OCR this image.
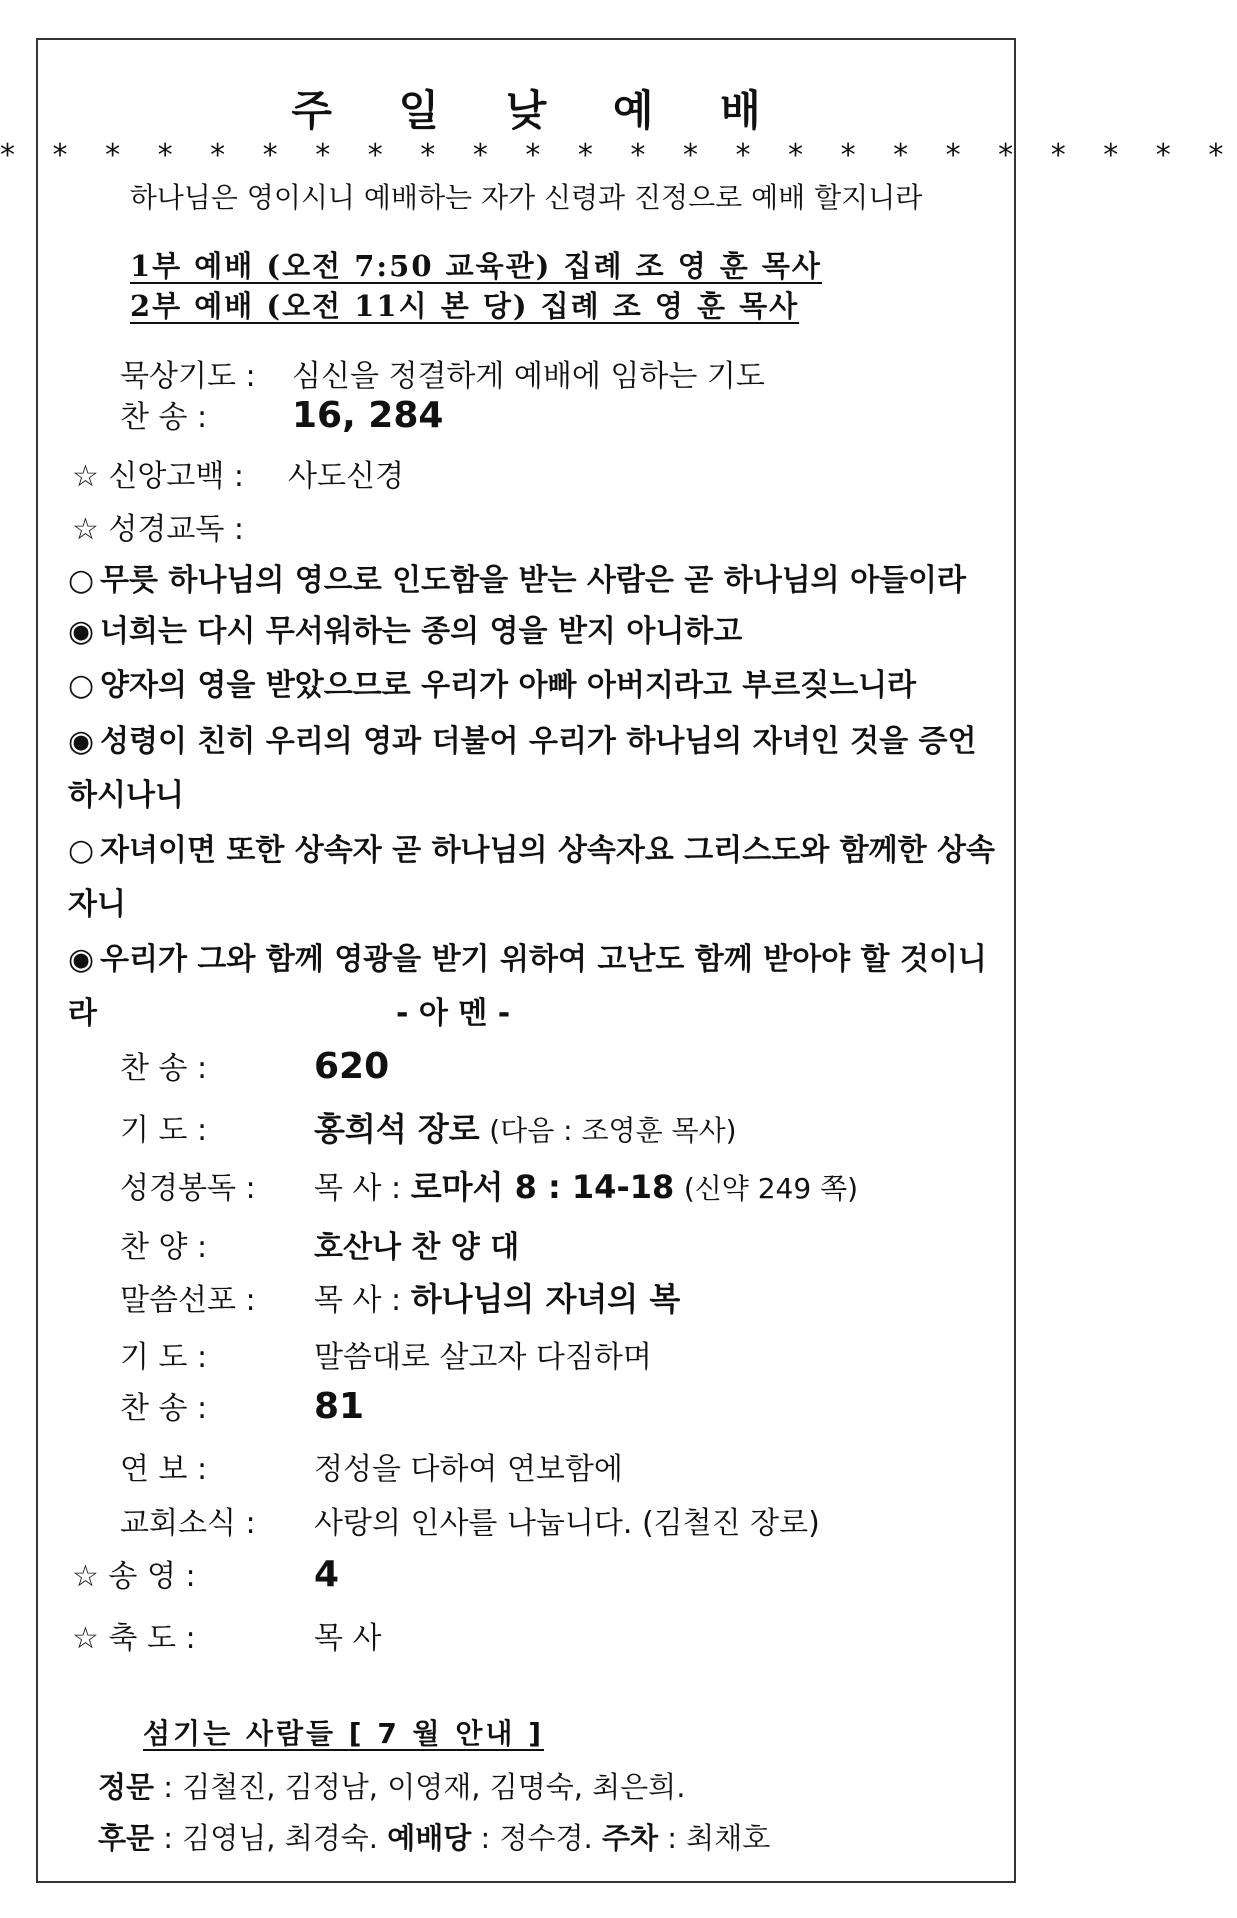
주 일 낮 예 배
* * * * * * * * * * * * * * * * * * * * * * * *
하나님은 영이시니 예배하는 자가 신령과 진정으로 예배 할지니라
1부 예배 (오전 7:50 교육관) 집례 조 영 훈 목사
2부 예배 (오전 11시 본 당) 집례 조 영 훈 목사
묵상기도 : 심신을 정결하게 예배에 임하는 기도
찬 송 : 16, 284
☆ 신앙고백 : 사도신경
☆ 성경교독 :
○ 무릇 하나님의 영으로 인도함을 받는 사람은 곧 하나님의 아들이라
◉ 너희는 다시 무서워하는 종의 영을 받지 아니하고
○ 양자의 영을 받았으므로 우리가 아빠 아버지라고 부르짖느니라
◉ 성령이 친히 우리의 영과 더불어 우리가 하나님의 자녀인 것을 증언
하시나니
○ 자녀이면 또한 상속자 곧 하나님의 상속자요 그리스도와 함께한 상속
자니
◉ 우리가 그와 함께 영광을 받기 위하여 고난도 함께 받아야 할 것이니
라	- 아 멘 -
찬 송 :	620
기 도 :	홍희석 장로 (다음 : 조영훈 목사)
성경봉독 : 목 사 : 로마서 8 : 14-18 (신약 249 쪽)
찬 양 :	호산나 찬 양 대
말씀선포 : 목 사 : 하나님의 자녀의 복
기 도 :	말씀대로 살고자 다짐하며
찬 송 :	81
연 보 :	정성을 다하여 연보함에
교회소식 : 사랑의 인사를 나눕니다. (김철진 장로)
☆ 송 영 :	4
☆ 축 도 :	목 사
섬기는 사람들 [ 7 월 안내 ]
정문 : 김철진, 김정남, 이영재, 김명숙, 최은희.
후문 : 김영님, 최경숙. 예배당 : 정수경. 주차 : 최채호
